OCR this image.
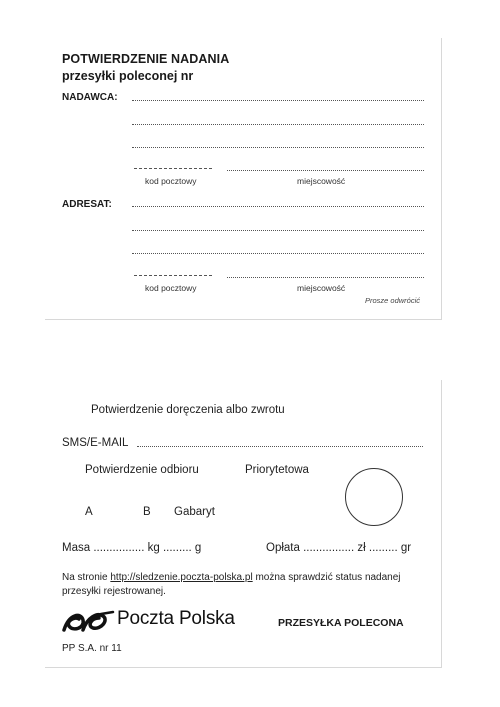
POTWIERDZENIE NADANIA
przesyłki poleconej nr
NADAWCA:
kod pocztowy	miejscowość
ADRESAT:
kod pocztowy	miejscowość
Prosze odwrócić
Potwierdzenie doręczenia albo zwrotu
SMS/E-MAIL
Potwierdzenie odbioru	Priorytetowa
A	B Gabaryt
Masa ................ kg ......... g	Opłata ................ zł ......... gr
Na stronie http://sledzenie.poczta-polska.pl można sprawdzić status nadanej
przesyłki rejestrowanej.
Poczta Polska	PRZESYŁKA POLECONA
PP S.A. nr 11
